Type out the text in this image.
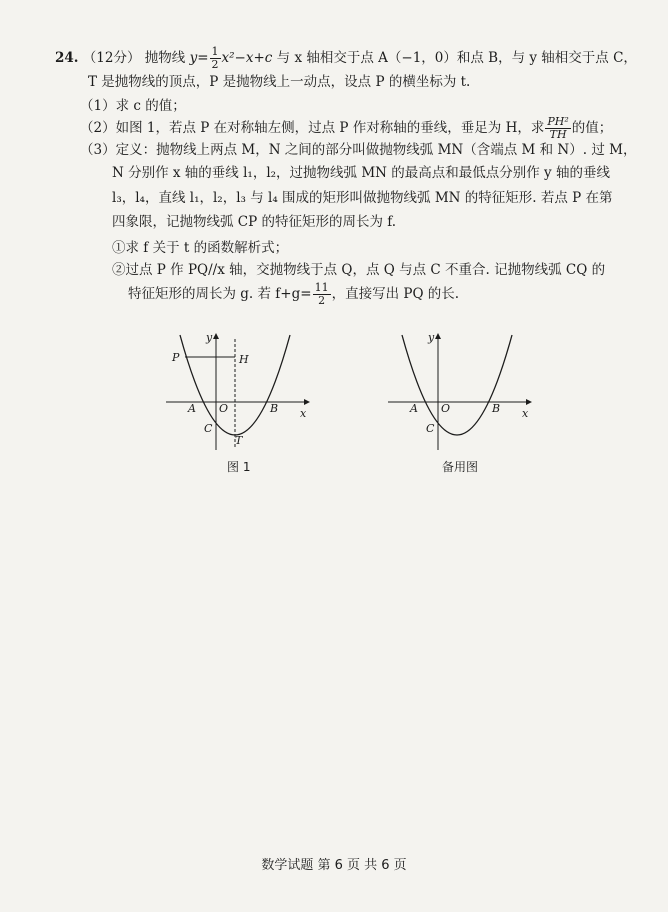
24. （12分） 抛物线 $y= \frac{1}{2} x^2-x+c$ 与 x 轴相交于点 A（−1，0）和点 B，与 y 轴相交于点 C，
T 是抛物线的顶点，P 是抛物线上一动点，设点 P 的横坐标为 t.
（1）求 c 的值；
（2）如图 1，若点 P 在对称轴左侧，过点 P 作对称轴的垂线，垂足为 H，求 $\frac{\text{PH²}}{TH}$ 的值；
（3）定义：抛物线上两点 M，N 之间的部分叫做抛物线弧 MN（含端点 M 和 N）. 过 M，
N 分别作 x 轴的垂线 l₁，l₂，过抛物线弧 MN 的最高点和最低点分别作 y 轴的垂线
l₃，l₄，直线 l₁，l₂，l₃ 与 l₄ 围成的矩形叫做抛物线弧 MN 的特征矩形. 若点 P 在第
四象限，记抛物线弧 CP 的特征矩形的周长为 f.
①求 f 关于 t 的函数解析式；
②过点 P 作 PQ//x 轴，交抛物线于点 Q，点 Q 与点 C 不重合. 记抛物线弧 CQ 的
特征矩形的周长为 g. 若 $f+g= \frac{11}{2}$ ，直接写出 PQ 的长.
y
x
P	H
A O	B
C
T
图 1
y
x
A O	B
C
备用图
数学试题 第 6 页 共 6 页
